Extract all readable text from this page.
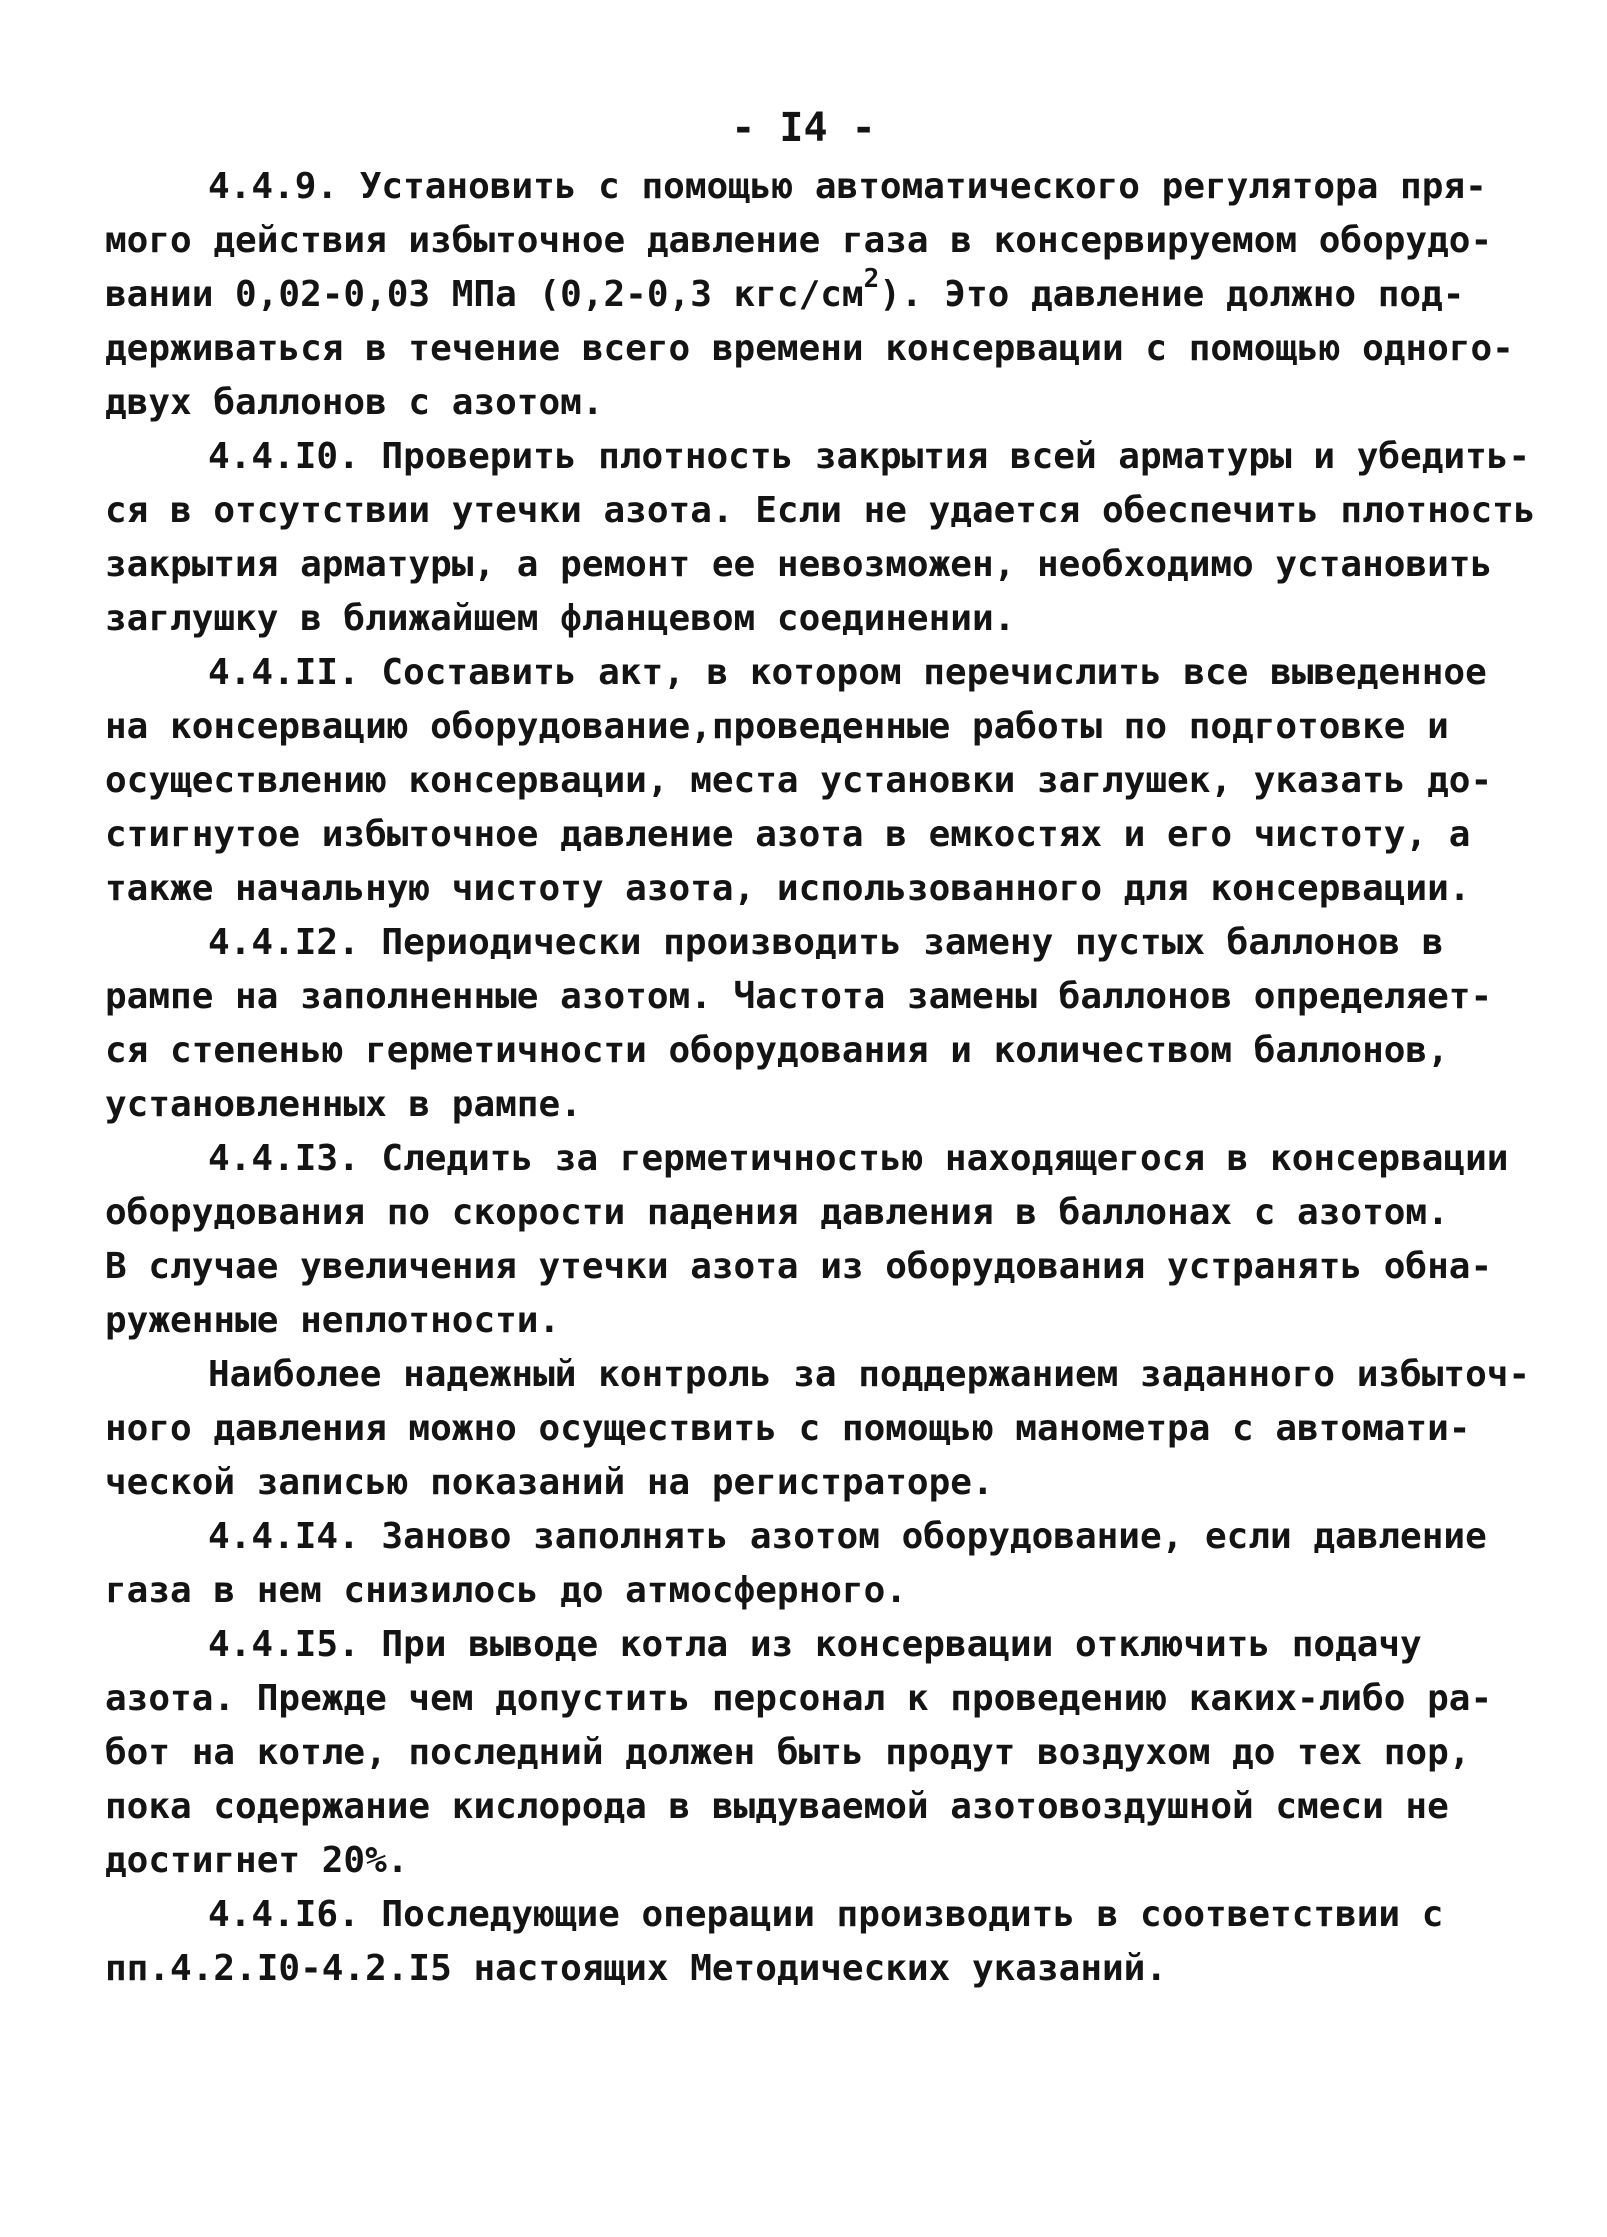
- I4 -
4.4.9. Установить с помощью автоматического регулятора пря-
мого действия избыточное давление газа в консервируемом оборудо-
вании 0,02-0,03 МПа (0,2-0,3 кгс/$см^2$). Это давление должно под-
держиваться в течение всего времени консервации с помощью одного-
двух баллонов с азотом.
4.4.I0. Проверить плотность закрытия всей арматуры и убедить-
ся в отсутствии утечки азота. Если не удается обеспечить плотность
закрытия арматуры, а ремонт ее невозможен, необходимо установить
заглушку в ближайшем фланцевом соединении.
4.4.II. Составить акт, в котором перечислить все выведенное
на консервацию оборудование,проведенные работы по подготовке и
осуществлению консервации, места установки заглушек, указать до-
стигнутое избыточное давление азота в емкостях и его чистоту, а
также начальную чистоту азота, использованного для консервации.
4.4.I2. Периодически производить замену пустых баллонов в
рампе на заполненные азотом. Частота замены баллонов определяет-
ся степенью герметичности оборудования и количеством баллонов,
установленных в рампе.
4.4.I3. Следить за герметичностью находящегося в консервации
оборудования по скорости падения давления в баллонах с азотом.
В случае увеличения утечки азота из оборудования устранять обна-
руженные неплотности.
Наиболее надежный контроль за поддержанием заданного избыточ-
ного давления можно осуществить с помощью манометра с автомати-
ческой записью показаний на регистраторе.
4.4.I4. Заново заполнять азотом оборудование, если давление
газа в нем снизилось до атмосферного.
4.4.I5. При выводе котла из консервации отключить подачу
азота. Прежде чем допустить персонал к проведению каких-либо ра-
бот на котле, последний должен быть продут воздухом до тех пор,
пока содержание кислорода в выдуваемой азотовоздушной смеси не
достигнет 20%.
4.4.I6. Последующие операции производить в соответствии с
пп.4.2.I0-4.2.I5 настоящих Методических указаний.
